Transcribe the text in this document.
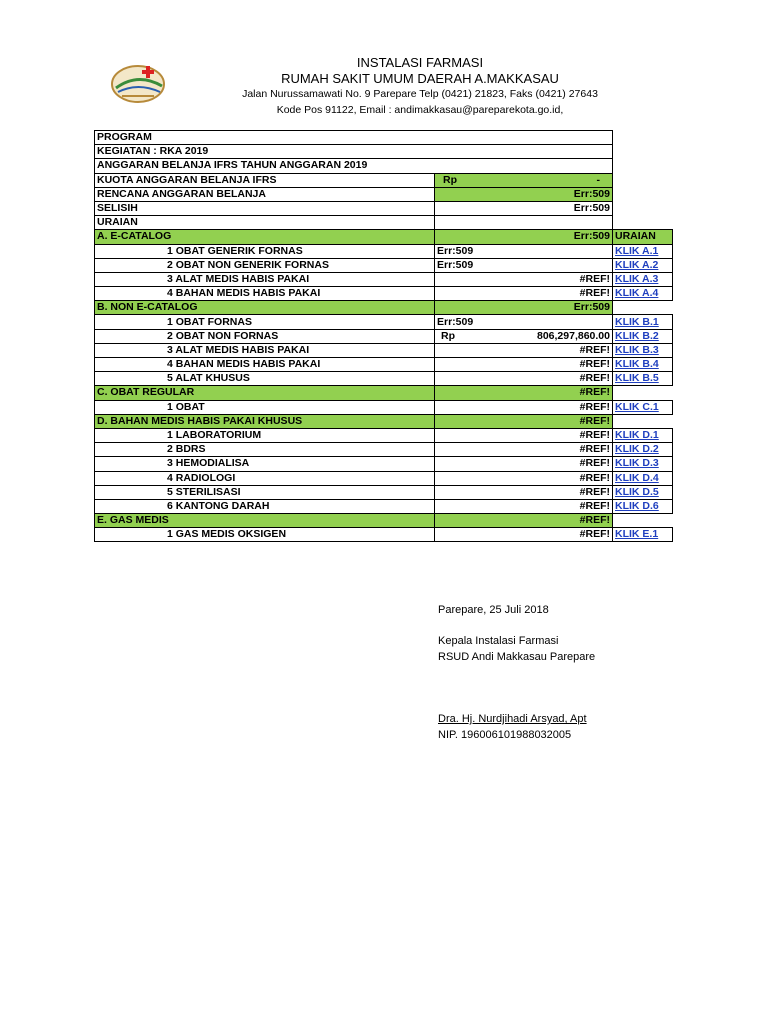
INSTALASI FARMASI
RUMAH SAKIT UMUM DAERAH A.MAKKASAU
Jalan Nurussamawati No. 9 Parepare Telp (0421) 21823, Faks (0421) 27643
Kode Pos 91122, Email : andimakkasau@pareparekota.go.id,
PROGRAM		
KEGIATAN : RKA 2019		
ANGGARAN BELANJA IFRS TAHUN ANGGARAN 2019		
KUOTA ANGGARAN BELANJA IFRS	Rp -	

RENCANA ANGGARAN BELANJA	Err:509	
SELISIH	Err:509	
URAIAN		
A. E-CATALOG	Err:509	URAIAN
1 OBAT GENERIK FORNAS	Err:509	KLIK A.1
2 OBAT NON GENERIK FORNAS	Err:509	KLIK A.2
3 ALAT MEDIS HABIS PAKAI	#REF!	KLIK A.3
4 BAHAN MEDIS HABIS PAKAI	#REF!	KLIK A.4
B. NON E-CATALOG	Err:509	
1 OBAT FORNAS	Err:509	KLIK B.1
2 OBAT NON FORNAS	Rp 806,297,860.00	KLIK B.2
3 ALAT MEDIS HABIS PAKAI	#REF!	KLIK B.3
4 BAHAN MEDIS HABIS PAKAI	#REF!	KLIK B.4
5 ALAT KHUSUS	#REF!	KLIK B.5
C. OBAT REGULAR	#REF!	
1 OBAT	#REF!	KLIK C.1
D. BAHAN MEDIS HABIS PAKAI KHUSUS	#REF!	
1 LABORATORIUM	#REF!	KLIK D.1
2 BDRS	#REF!	KLIK D.2
3 HEMODIALISA	#REF!	KLIK D.3
4 RADIOLOGI	#REF!	KLIK D.4
5 STERILISASI	#REF!	KLIK D.5
6 KANTONG DARAH	#REF!	KLIK D.6
E. GAS MEDIS	#REF!	
1 GAS MEDIS OKSIGEN	#REF!	KLIK E.1
Parepare, 25 Juli 2018
Kepala Instalasi Farmasi
RSUD Andi Makkasau Parepare
Dra. Hj. Nurdjihadi Arsyad, Apt
NIP. 196006101988032005
